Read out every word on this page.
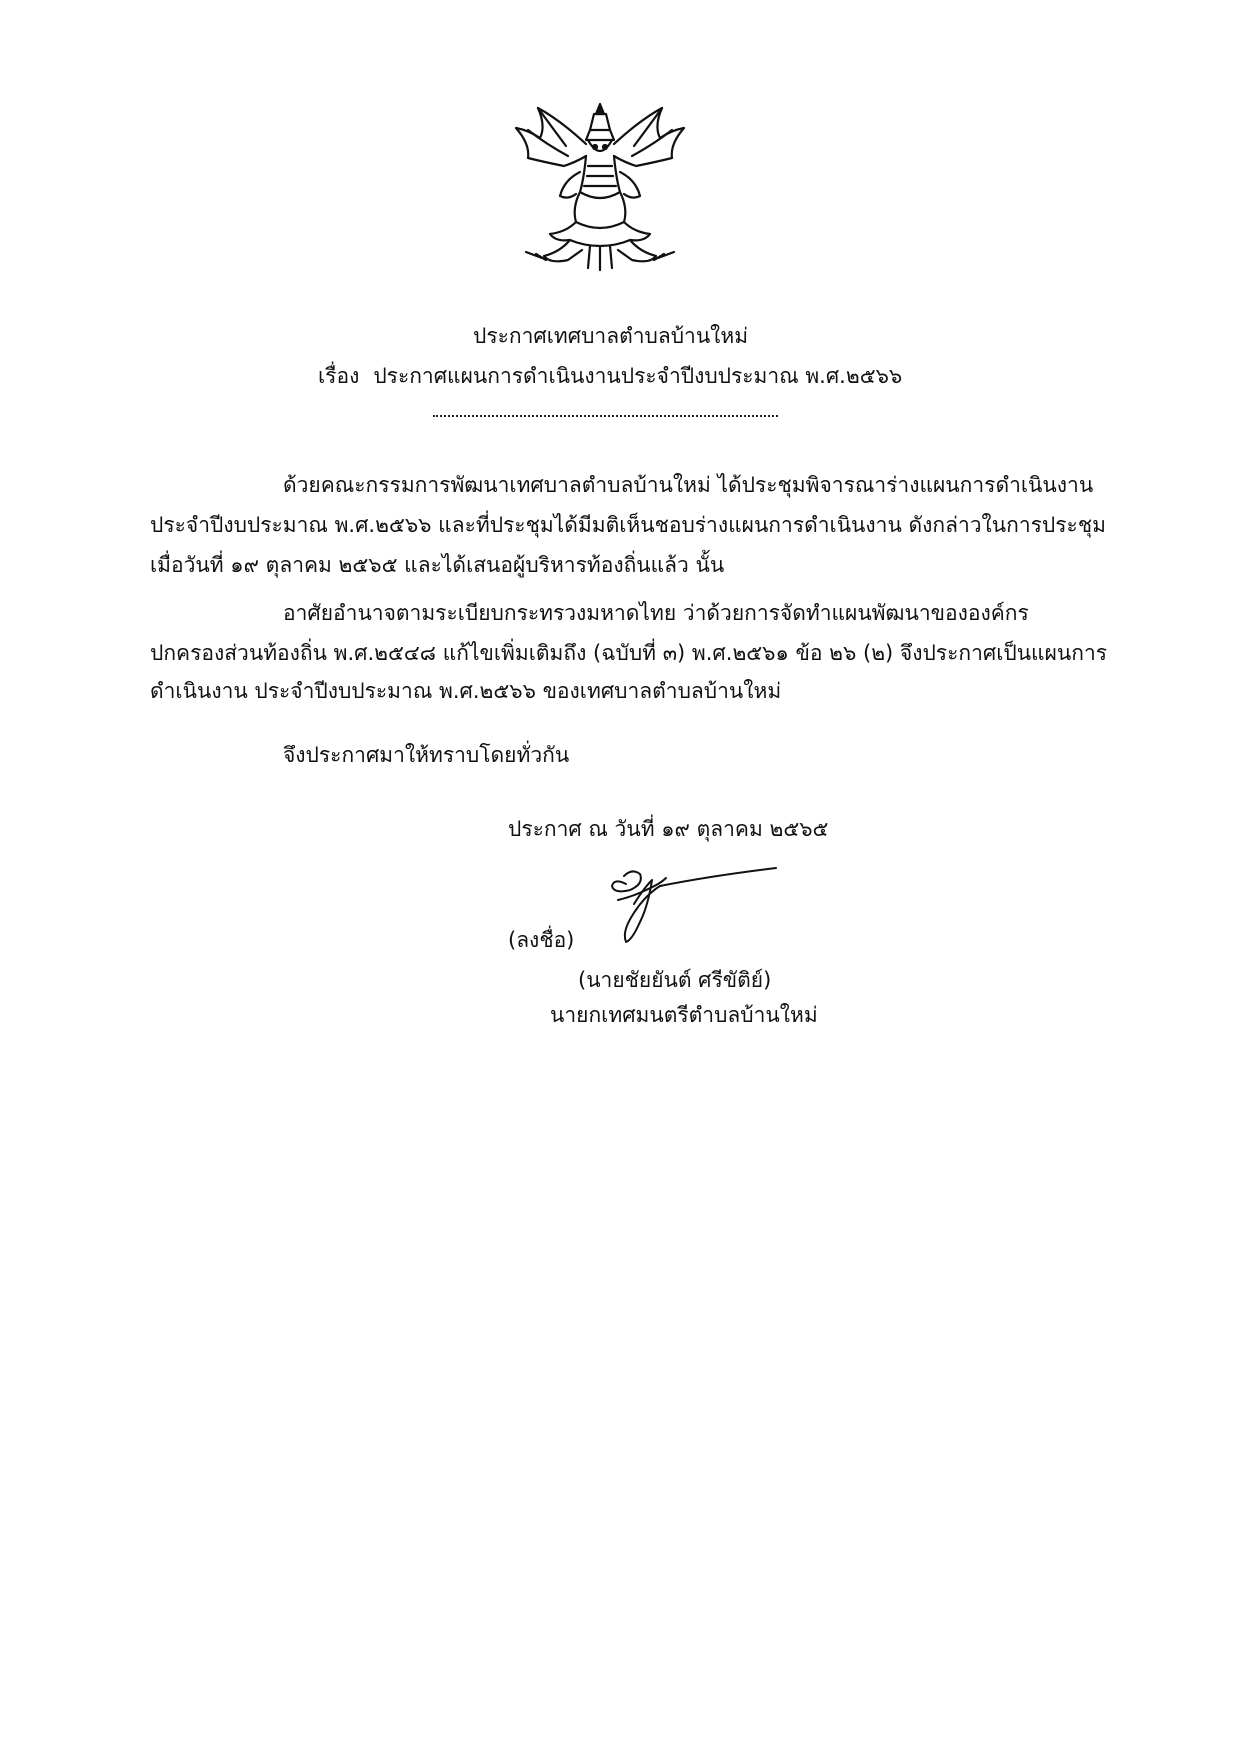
ประกาศเทศบาลตำบลบ้านใหม่
เรื่อง ประกาศแผนการดำเนินงานประจำปีงบประมาณ พ.ศ.๒๕๖๖
ด้วยคณะกรรมการพัฒนาเทศบาลตำบลบ้านใหม่ ได้ประชุมพิจารณาร่างแผนการดำเนินงาน
ประจำปีงบประมาณ พ.ศ.๒๕๖๖ และที่ประชุมได้มีมติเห็นชอบร่างแผนการดำเนินงาน ดังกล่าวในการประชุม
เมื่อวันที่ ๑๙ ตุลาคม ๒๕๖๕ และได้เสนอผู้บริหารท้องถิ่นแล้ว นั้น
อาศัยอำนาจตามระเบียบกระทรวงมหาดไทย ว่าด้วยการจัดทำแผนพัฒนาขององค์กร
ปกครองส่วนท้องถิ่น พ.ศ.๒๕๔๘ แก้ไขเพิ่มเติมถึง (ฉบับที่ ๓) พ.ศ.๒๕๖๑ ข้อ ๒๖ (๒) จึงประกาศเป็นแผนการ
ดำเนินงาน ประจำปีงบประมาณ พ.ศ.๒๕๖๖ ของเทศบาลตำบลบ้านใหม่
จึงประกาศมาให้ทราบโดยทั่วกัน
ประกาศ ณ วันที่ ๑๙ ตุลาคม ๒๕๖๕
(ลงชื่อ)
(นายชัยยันต์ ศรีขัติย์)
นายกเทศมนตรีตำบลบ้านใหม่
